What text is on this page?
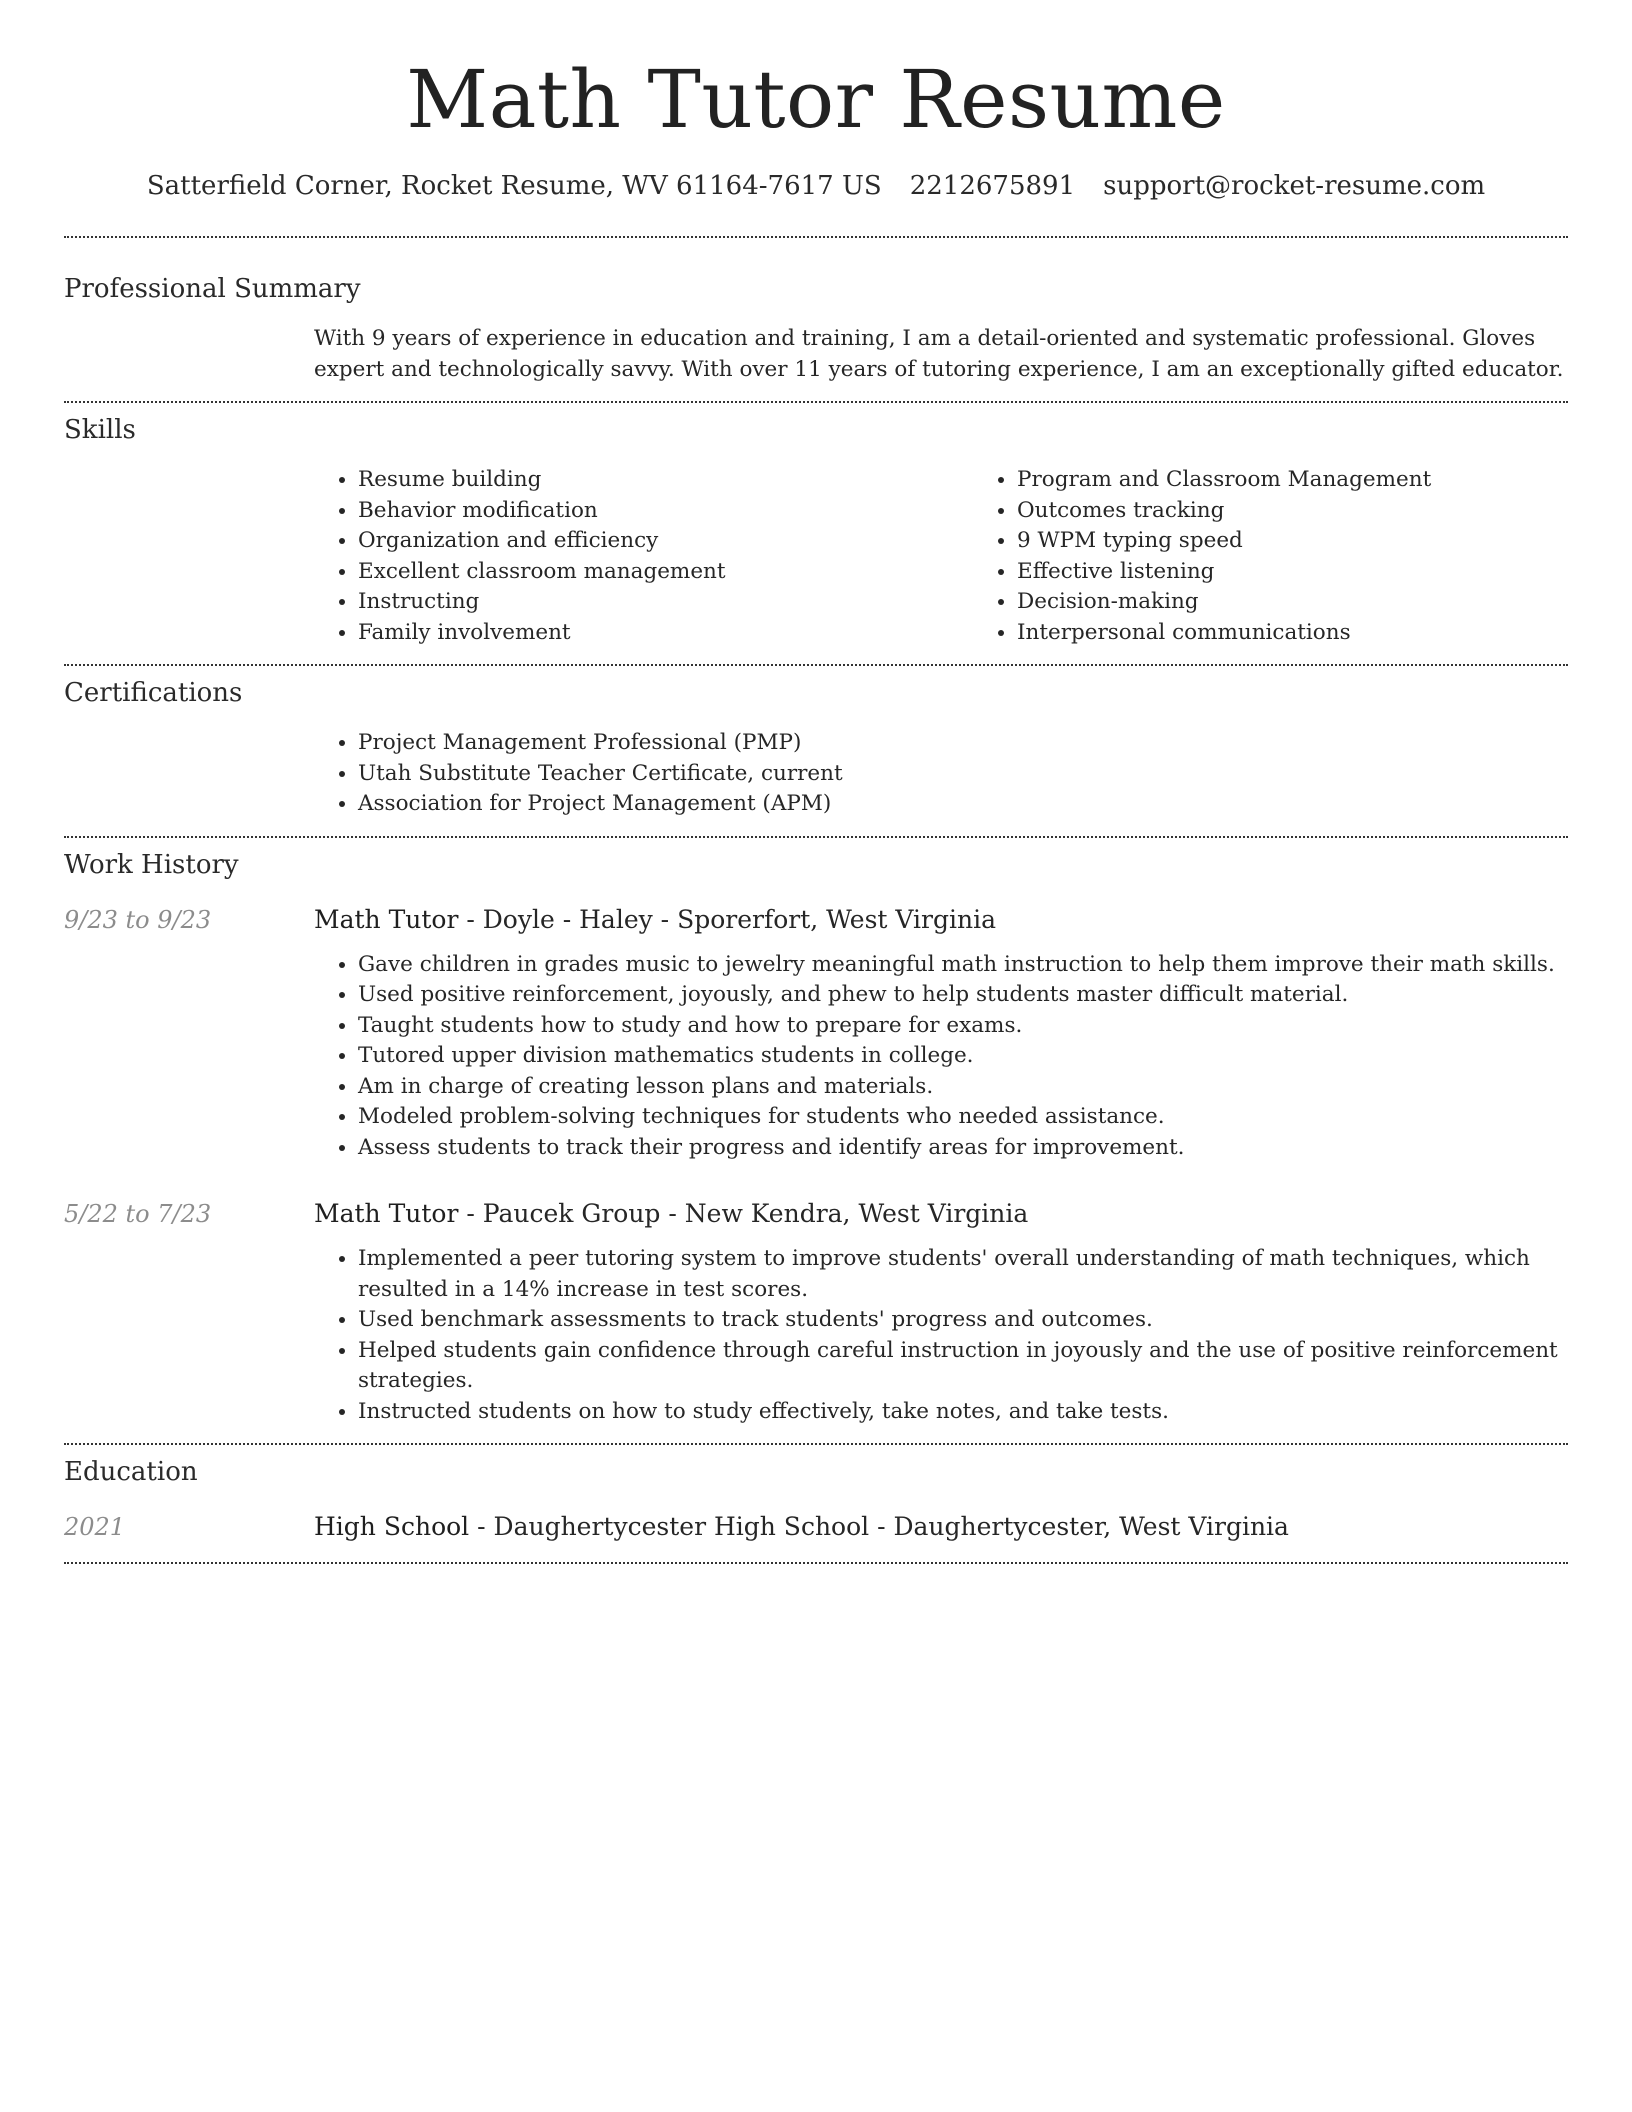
Math Tutor Resume
Satterfield Corner, Rocket Resume, WV 61164-7617 US 2212675891 support@rocket-resume.com
Professional Summary

With 9 years of experience in education and training, I am a detail-oriented and systematic professional. Gloves expert and technologically savvy. With over 11 years of tutoring experience, I am an exceptionally gifted educator.

Skills
• Resume building
• Behavior modification
• Organization and efficiency
• Excellent classroom management
• Instructing
• Family involvement
• Program and Classroom Management
• Outcomes tracking
• 9 WPM typing speed
• Effective listening
• Decision-making
• Interpersonal communications
Certifications
• Project Management Professional (PMP)
• Utah Substitute Teacher Certificate, current
• Association for Project Management (APM)
Work History
9/23 to 9/23	Math Tutor - Doyle - Haley - Sporerfort, West Virginia
• Gave children in grades music to jewelry meaningful math instruction to help them improve their math skills.
• Used positive reinforcement, joyously, and phew to help students master difficult material.
• Taught students how to study and how to prepare for exams.
• Tutored upper division mathematics students in college.
• Am in charge of creating lesson plans and materials.
• Modeled problem-solving techniques for students who needed assistance.
• Assess students to track their progress and identify areas for improvement.
5/22 to 7/23	Math Tutor - Paucek Group - New Kendra, West Virginia
• Implemented a peer tutoring system to improve students' overall understanding of math techniques, which resulted in a 14% increase in test scores.
• Used benchmark assessments to track students' progress and outcomes.
• Helped students gain confidence through careful instruction in joyously and the use of positive reinforcement strategies.
• Instructed students on how to study effectively, take notes, and take tests.
Education
2021	High School - Daughertycester High School - Daughertycester, West Virginia
